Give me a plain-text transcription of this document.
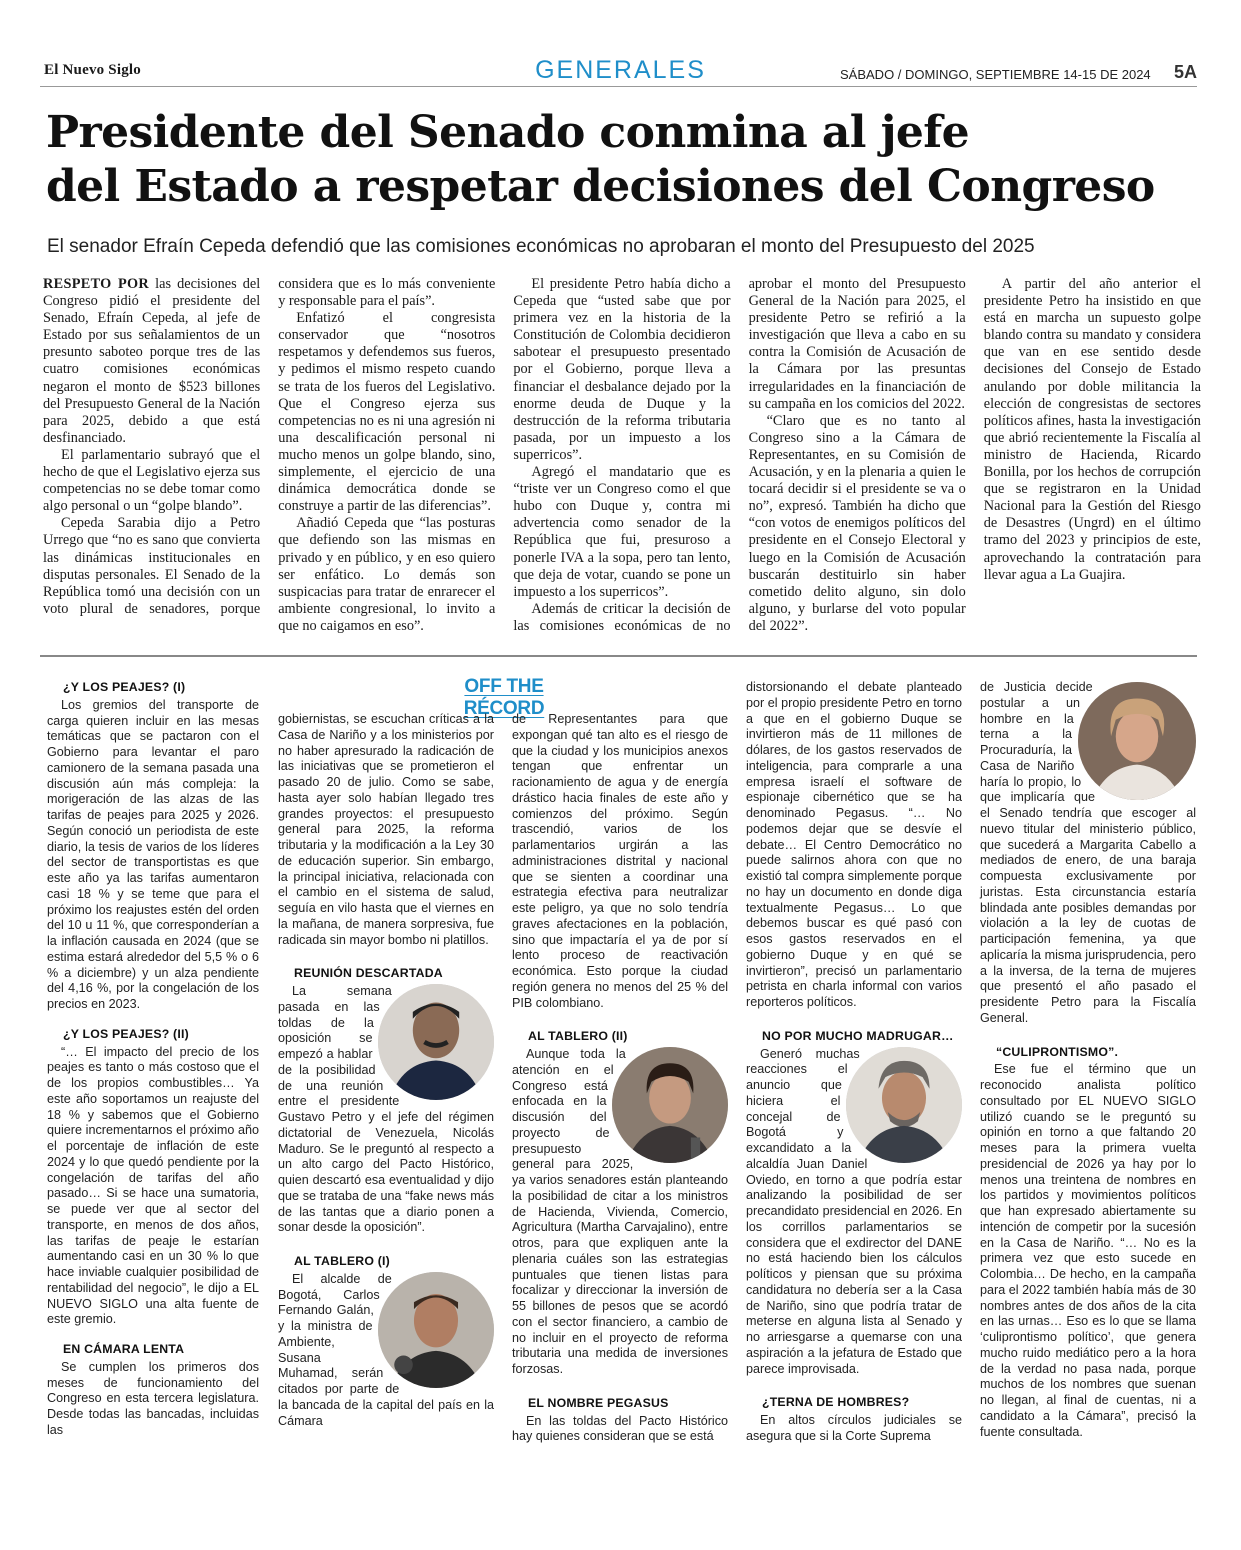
El Nuevo Siglo	GENERALES	SÁBADO / DOMINGO, SEPTIEMBRE 14-15 DE 2024 5A
Presidente del Senado conmina al jefe
del Estado a respetar decisiones del Congreso
El senador Efraín Cepeda defendió que las comisiones económicas no aprobaran el monto del Presupuesto del 2025

RESPETO POR las decisiones del Congreso pidió el presidente del Senado, Efraín Cepeda, al jefe de Estado por sus señalamientos de un presunto saboteo porque tres de las cuatro comisiones económicas negaron el monto de $523 billones del Presupuesto General de la Nación para 2025, debido a que está desfinanciado.

El parlamentario subrayó que el hecho de que el Legislativo ejerza sus competencias no se debe tomar como algo personal o un “golpe blando”.

Cepeda Sarabia dijo a Petro Urrego que “no es sano que convierta las dinámicas institucionales en disputas personales. El Senado de la República tomó una decisión con un voto plural de senadores, porque considera que es lo más conveniente y responsable para el país”.

Enfatizó el congresista conservador que “nosotros respetamos y defendemos sus fueros, y pedimos el mismo respeto cuando se trata de los fueros del Legislativo. Que el Congreso ejerza sus competencias no es ni una agresión ni una descalificación personal ni mucho menos un golpe blando, sino, simplemente, el ejercicio de una dinámica democrática donde se construye a partir de las diferencias”.

Añadió Cepeda que “las posturas que defiendo son las mismas en privado y en público, y en eso quiero ser enfático. Lo demás son suspicacias para tratar de enrarecer el ambiente congresional, lo invito a que no caigamos en eso”.

El presidente Petro había dicho a Cepeda que “usted sabe que por primera vez en la historia de la Constitución de Colombia decidieron sabotear el presupuesto presentado por el Gobierno, porque lleva a financiar el desbalance dejado por la enorme deuda de Duque y la destrucción de la reforma tributaria pasada, por un impuesto a los superricos”.

Agregó el mandatario que es “triste ver un Congreso como el que hubo con Duque y, contra mi advertencia como senador de la República que fui, presuroso a ponerle IVA a la sopa, pero tan lento, que deja de votar, cuando se pone un impuesto a los superricos”.

Además de criticar la decisión de las comisiones económicas de no aprobar el monto del Presupuesto General de la Nación para 2025, el presidente Petro se refirió a la investigación que lleva a cabo en su contra la Comisión de Acusación de la Cámara por las presuntas irregularidades en la financiación de su campaña en los comicios del 2022.

“Claro que es no tanto al Congreso sino a la Cámara de Representantes, en su Comisión de Acusación, y en la plenaria a quien le tocará decidir si el presidente se va o no”, expresó. También ha dicho que “con votos de enemigos políticos del presidente en el Consejo Electoral y luego en la Comisión de Acusación buscarán destituirlo sin haber cometido delito alguno, sin dolo alguno, y burlarse del voto popular del 2022”.

A partir del año anterior el presidente Petro ha insistido en que está en marcha un supuesto golpe blando contra su mandato y considera que van en ese sentido desde decisiones del Consejo de Estado anulando por doble militancia la elección de congresistas de sectores políticos afines, hasta la investigación que abrió recientemente la Fiscalía al ministro de Hacienda, Ricardo Bonilla, por los hechos de corrupción que se registraron en la Unidad Nacional para la Gestión del Riesgo de Desastres (Ungrd) en el último tramo del 2023 y principios de este, aprovechando la contratación para llevar agua a La Guajira.

OFF THE RÉCORD
¿Y LOS PEAJES? (I)

Los gremios del transporte de carga quieren incluir en las mesas temáticas que se pactaron con el Gobierno para levantar el paro camionero de la semana pasada una discusión aún más compleja: la morigeración de las alzas de las tarifas de peajes para 2025 y 2026. Según conoció un periodista de este diario, la tesis de varios de los líderes del sector de transportistas es que este año ya las tarifas aumentaron casi 18 % y se teme que para el próximo los reajustes estén del orden del 10 u 11 %, que corresponderían a la inflación causada en 2024 (que se estima estará alrededor del 5,5 % o 6 % a diciembre) y un alza pendiente del 4,16 %, por la congelación de los precios en 2023.

¿Y LOS PEAJES? (II)

“… El impacto del precio de los peajes es tanto o más costoso que el de los propios combustibles… Ya este año soportamos un reajuste del 18 % y sabemos que el Gobierno quiere incrementarnos el próximo año el porcentaje de inflación de este 2024 y lo que quedó pendiente por la congelación de tarifas del año pasado… Si se hace una sumatoria, se puede ver que al sector del transporte, en menos de dos años, las tarifas de peaje le estarían aumentando casi en un 30 % lo que hace inviable cualquier posibilidad de rentabilidad del negocio”, le dijo a EL NUEVO SIGLO una alta fuente de este gremio.

EN CÁMARA LENTA

Se cumplen los primeros dos meses de funcionamiento del Congreso en esta tercera legislatura. Desde todas las bancadas, incluidas las

gobiernistas, se escuchan críticas a la Casa de Nariño y a los ministerios por no haber apresurado la radicación de las iniciativas que se prometieron el pasado 20 de julio. Como se sabe, hasta ayer solo habían llegado tres grandes proyectos: el presupuesto general para 2025, la reforma tributaria y la modificación a la Ley 30 de educación superior. Sin embargo, la principal iniciativa, relacionada con el cambio en el sistema de salud, seguía en vilo hasta que el viernes en la mañana, de manera sorpresiva, fue radicada sin mayor bombo ni platillos.

REUNIÓN DESCARTADA

La semana pasada en las toldas de la oposición se empezó a hablar de la posibilidad de una reunión entre el presidente Gustavo Petro y el jefe del régimen dictatorial de Venezuela, Nicolás Maduro. Se le preguntó al respecto a un alto cargo del Pacto Histórico, quien descartó esa eventualidad y dijo que se trataba de una “fake news más de las tantas que a diario ponen a sonar desde la oposición”.

AL TABLERO (I)

El alcalde de Bogotá, Carlos Fernando Galán, y la ministra de Ambiente, Susana Muhamad, serán citados por parte de la bancada de la capital del país en la Cámara

de Representantes para que expongan qué tan alto es el riesgo de que la ciudad y los municipios anexos tengan que enfrentar un racionamiento de agua y de energía drástico hacia finales de este año y comienzos del próximo. Según trascendió, varios de los parlamentarios urgirán a las administraciones distrital y nacional que se sienten a coordinar una estrategia efectiva para neutralizar este peligro, ya que no solo tendría graves afectaciones en la población, sino que impactaría el ya de por sí lento proceso de reactivación económica. Esto porque la ciudad región genera no menos del 25 % del PIB colombiano.

AL TABLERO (II)

Aunque toda la atención en el Congreso está enfocada en la discusión del proyecto de presupuesto general para 2025, ya varios senadores están planteando la posibilidad de citar a los ministros de Hacienda, Vivienda, Comercio, Agricultura (Martha Carvajalino), entre otros, para que expliquen ante la plenaria cuáles son las estrategias puntuales que tienen listas para focalizar y direccionar la inversión de 55 billones de pesos que se acordó con el sector financiero, a cambio de no incluir en el proyecto de reforma tributaria una medida de inversiones forzosas.

EL NOMBRE PEGASUS

En las toldas del Pacto Histórico hay quienes consideran que se está

distorsionando el debate planteado por el propio presidente Petro en torno a que en el gobierno Duque se invirtieron más de 11 millones de dólares, de los gastos reservados de inteligencia, para comprarle a una empresa israelí el software de espionaje cibernético que se ha denominado Pegasus. “… No podemos dejar que se desvíe el debate… El Centro Democrático no puede salirnos ahora con que no existió tal compra simplemente porque no hay un documento en donde diga textualmente Pegasus… Lo que debemos buscar es qué pasó con esos gastos reservados en el gobierno Duque y en qué se invirtieron”, precisó un parlamentario petrista en charla informal con varios reporteros políticos.

NO POR MUCHO MADRUGAR…

Generó muchas reacciones el anuncio que hiciera el concejal de Bogotá y excandidato a la alcaldía Juan Daniel Oviedo, en torno a que podría estar analizando la posibilidad de ser precandidato presidencial en 2026. En los corrillos parlamentarios se considera que el exdirector del DANE no está haciendo bien los cálculos políticos y piensan que su próxima candidatura no debería ser a la Casa de Nariño, sino que podría tratar de meterse en alguna lista al Senado y no arriesgarse a quemarse con una aspiración a la jefatura de Estado que parece improvisada.

¿TERNA DE HOMBRES?

En altos círculos judiciales se asegura que si la Corte Suprema

de Justicia decide postular a un hombre en la terna a la Procuraduría, la Casa de Nariño haría lo propio, lo que implicaría que el Senado tendría que escoger al nuevo titular del ministerio público, que sucederá a Margarita Cabello a mediados de enero, de una baraja compuesta exclusivamente por juristas. Esta circunstancia estaría blindada ante posibles demandas por violación a la ley de cuotas de participación femenina, ya que aplicaría la misma jurisprudencia, pero a la inversa, de la terna de mujeres que presentó el año pasado el presidente Petro para la Fiscalía General.

“CULIPRONTISMO”.

Ese fue el término que un reconocido analista político consultado por EL NUEVO SIGLO utilizó cuando se le preguntó su opinión en torno a que faltando 20 meses para la primera vuelta presidencial de 2026 ya hay por lo menos una treintena de nombres en los partidos y movimientos políticos que han expresado abiertamente su intención de competir por la sucesión en la Casa de Nariño. “… No es la primera vez que esto sucede en Colombia… De hecho, en la campaña para el 2022 también había más de 30 nombres antes de dos años de la cita en las urnas… Eso es lo que se llama ‘culiprontismo político’, que genera mucho ruido mediático pero a la hora de la verdad no pasa nada, porque muchos de los nombres que suenan no llegan, al final de cuentas, ni a candidato a la Cámara”, precisó la fuente consultada.
